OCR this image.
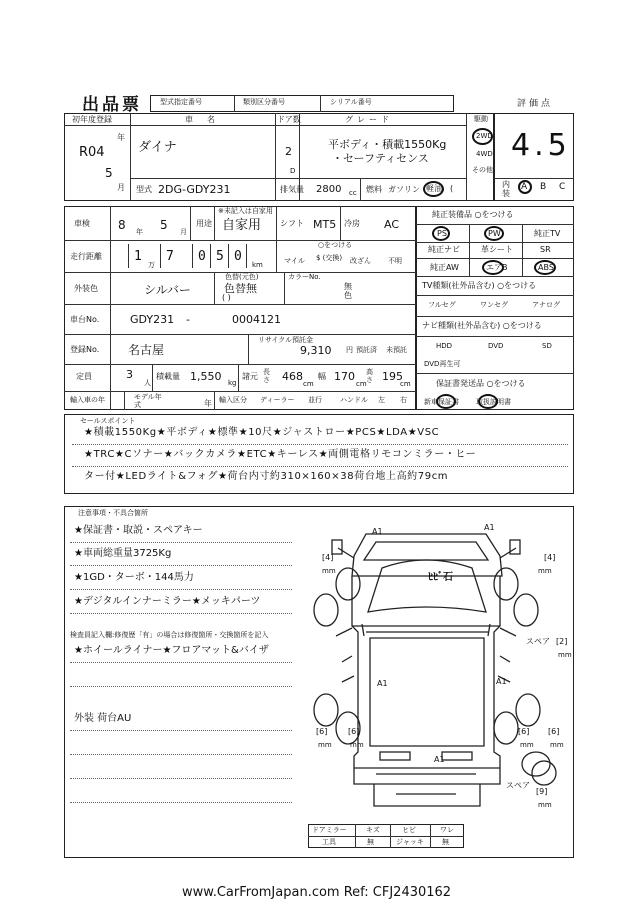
出品票	型式指定番号	類別区分番号	シリアル番号	評価点
4.5
内装
A B C
初年度登録
R04
年
5
月
車名
ダイナ
ドア数
2
D
グレード
平ボディ・積載1550Kg
・セーフティセンス
駆動
2WD
4WD
その他
型式 2DG-GDY231	排気量 2800 cc 燃料 ガソリン 軽油 (
車検 8 年 5 月
用途
※未記入は自家用
自家用 シフト MT5 冷房 AC
走行距離 1
万
7 0 5 0
km
○をつける
マイル $ (交換) 改ざん 不明
外装色	シルバー
色替(元色)
色替無
( )
カラーNo.
無色
車台No.	GDY231 -	0004121
登録No. 名古屋
リサイクル預託金
9,310 円 預託済 未預託
定員	3
人
積載量 1,550 kg
諸元 長さ 468
cm
幅 170
cm
高さ 195
cm
輸入車の年	モデル年式	年 輸入区分 ディーラー 並行	ハンドル 左 右
純正装備品 ○をつける
PS	PW	純正TV
純正ナビ	革シート	SR
純正AW	エアB	ABS
TV種類(社外品含む) ○をつける
フルセグ	ワンセグ	アナログ
ナビ種類(社外品含む) ○をつける
HDD	DVD	SD
DVD再生可
保証書発送品 ○をつける
新車保証書 取扱説明書
セールスポイント
★積載1550Kg★平ボディ★標準★10尺★ジャストロー★PCS★LDA★VSC
★TRC★Cソナー★バックカメラ★ETC★キーレス★両側電格リモコンミラー・ヒー
ター付★LEDライト&フォグ★荷台内寸約310×160×38荷台地上高約79cm
注意事項・不具合箇所
★保証書・取説・スペアキー
★車両総重量3725Kg
★1GD・ターボ・144馬力
★デジタルインナーミラー★メッキパーツ
検査員記入欄:修復歴「有」の場合は修復箇所・交換箇所を記入
★ホイールライナー★フロアマット&バイザ
外装 荷台AU
A1	A1
A1	A1
A1
ﾋﾋﾞ石
[4]
mm
[4]
mm
スペア [2]
mm
[6]
mm
[6]
mm
[6]
mm
[6]
mm
スペア
[9]
mm
ドアミラー	キズ	ヒビ	ワレ
工具	無	ジャッキ	無
www.CarFromJapan.com Ref: CFJ2430162
